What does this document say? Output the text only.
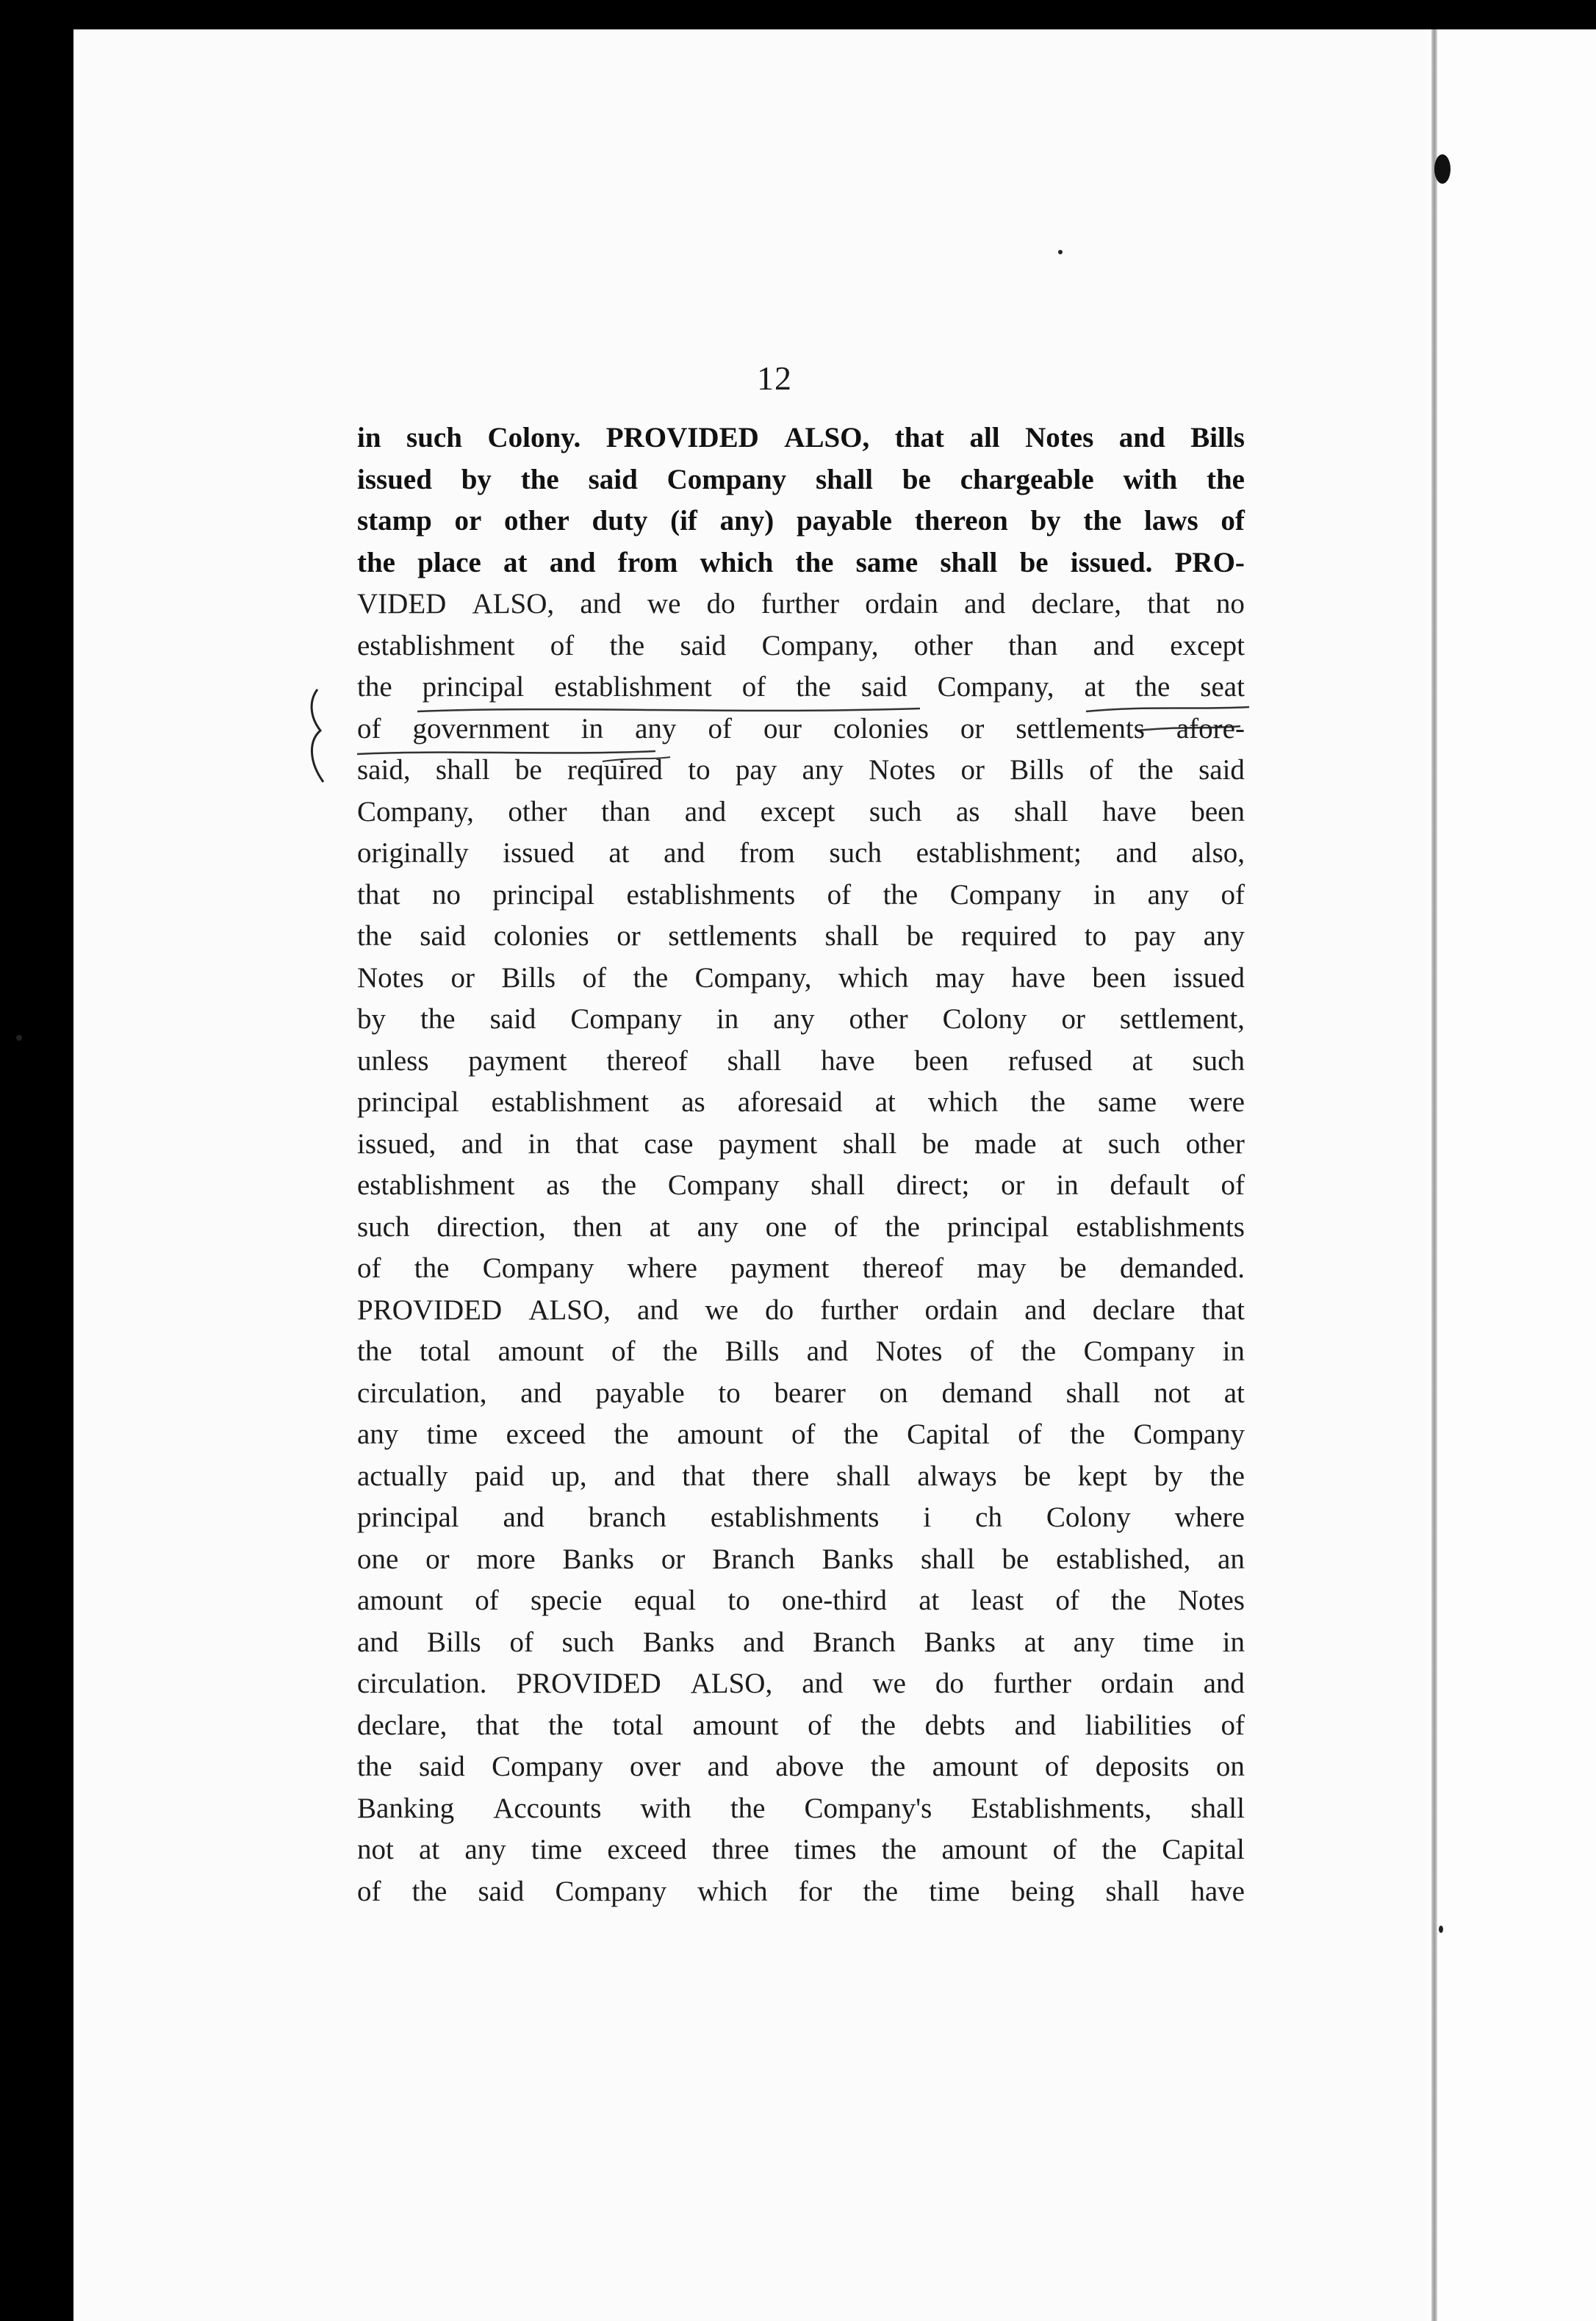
12
in such Colony. PROVIDED ALSO, that all Notes and Bills
issued by the said Company shall be chargeable with the
stamp or other duty (if any) payable thereon by the laws of
the place at and from which the same shall be issued. PRO-
VIDED ALSO, and we do further ordain and declare, that no
establishment of the said Company, other than and except
the principal establishment of the said Company, at the seat
of government in any of our colonies or settlements afore-
said, shall be required to pay any Notes or Bills of the said
Company, other than and except such as shall have been
originally issued at and from such establishment; and also,
that no principal establishments of the Company in any of
the said colonies or settlements shall be required to pay any
Notes or Bills of the Company, which may have been issued
by the said Company in any other Colony or settlement,
unless payment thereof shall have been refused at such
principal establishment as aforesaid at which the same were
issued, and in that case payment shall be made at such other
establishment as the Company shall direct; or in default of
such direction, then at any one of the principal establishments
of the Company where payment thereof may be demanded.
PROVIDED ALSO, and we do further ordain and declare that
the total amount of the Bills and Notes of the Company in
circulation, and payable to bearer on demand shall not at
any time exceed the amount of the Capital of the Company
actually paid up, and that there shall always be kept by the
principal and branch establishments i ch Colony where
one or more Banks or Branch Banks shall be established, an
amount of specie equal to one-third at least of the Notes
and Bills of such Banks and Branch Banks at any time in
circulation. PROVIDED ALSO, and we do further ordain and
declare, that the total amount of the debts and liabilities of
the said Company over and above the amount of deposits on
Banking Accounts with the Company's Establishments, shall
not at any time exceed three times the amount of the Capital
of the said Company which for the time being shall have
